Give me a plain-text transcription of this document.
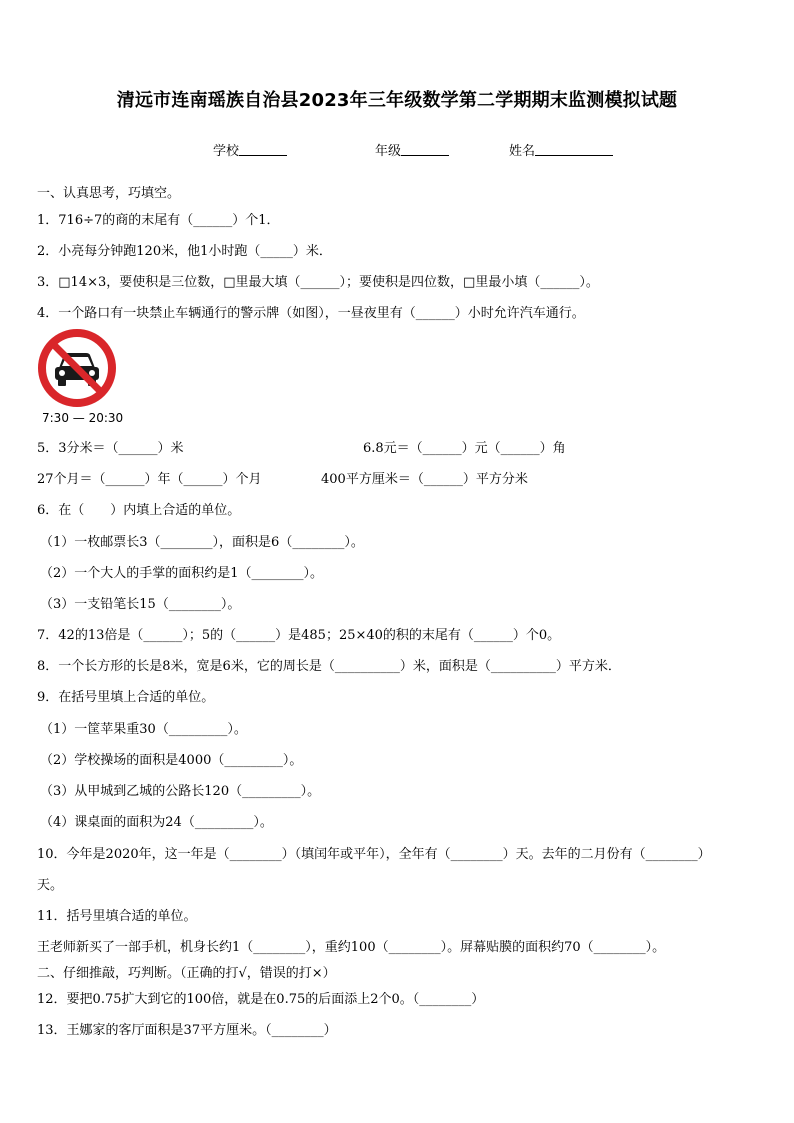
清远市连南瑶族自治县2023年三年级数学第二学期期末监测模拟试题
学校	年级	姓名
一、认真思考，巧填空。
1．716÷7的商的末尾有（______）个1．
2．小亮每分钟跑120米，他1小时跑（_____）米．
3．□14×3，要使积是三位数，□里最大填（______）；要使积是四位数，□里最小填（______）。
4．一个路口有一块禁止车辆通行的警示牌（如图），一昼夜里有（______）小时允许汽车通行。
7:30 — 20:30
5．3分米＝（______）米	6.8元＝（______）元（______）角
27个月＝（______）年（______）个月	400平方厘米＝（______）平方分米
6．在（　　）内填上合适的单位。
（1）一枚邮票长3（________），面积是6（________）。
（2）一个大人的手掌的面积约是1（________）。
（3）一支铅笔长15（________）。
7．42的13倍是（______）；5的（______）是485；25×40的积的末尾有（______）个0。
8．一个长方形的长是8米，宽是6米，它的周长是（__________）米，面积是（__________）平方米．
9．在括号里填上合适的单位。
（1）一筐苹果重30（_________）。
（2）学校操场的面积是4000（_________）。
（3）从甲城到乙城的公路长120（_________）。
（4）课桌面的面积为24（_________）。
10．今年是2020年，这一年是（________）（填闰年或平年），全年有（________）天。去年的二月份有（________）
天。
11．括号里填合适的单位。
王老师新买了一部手机，机身长约1（________），重约100（________）。屏幕贴膜的面积约70（________）。
二、仔细推敲，巧判断。（正确的打√，错误的打×）
12．要把0.75扩大到它的100倍，就是在0.75的后面添上2个0。（________）
13．王娜家的客厅面积是37平方厘米。（________）
